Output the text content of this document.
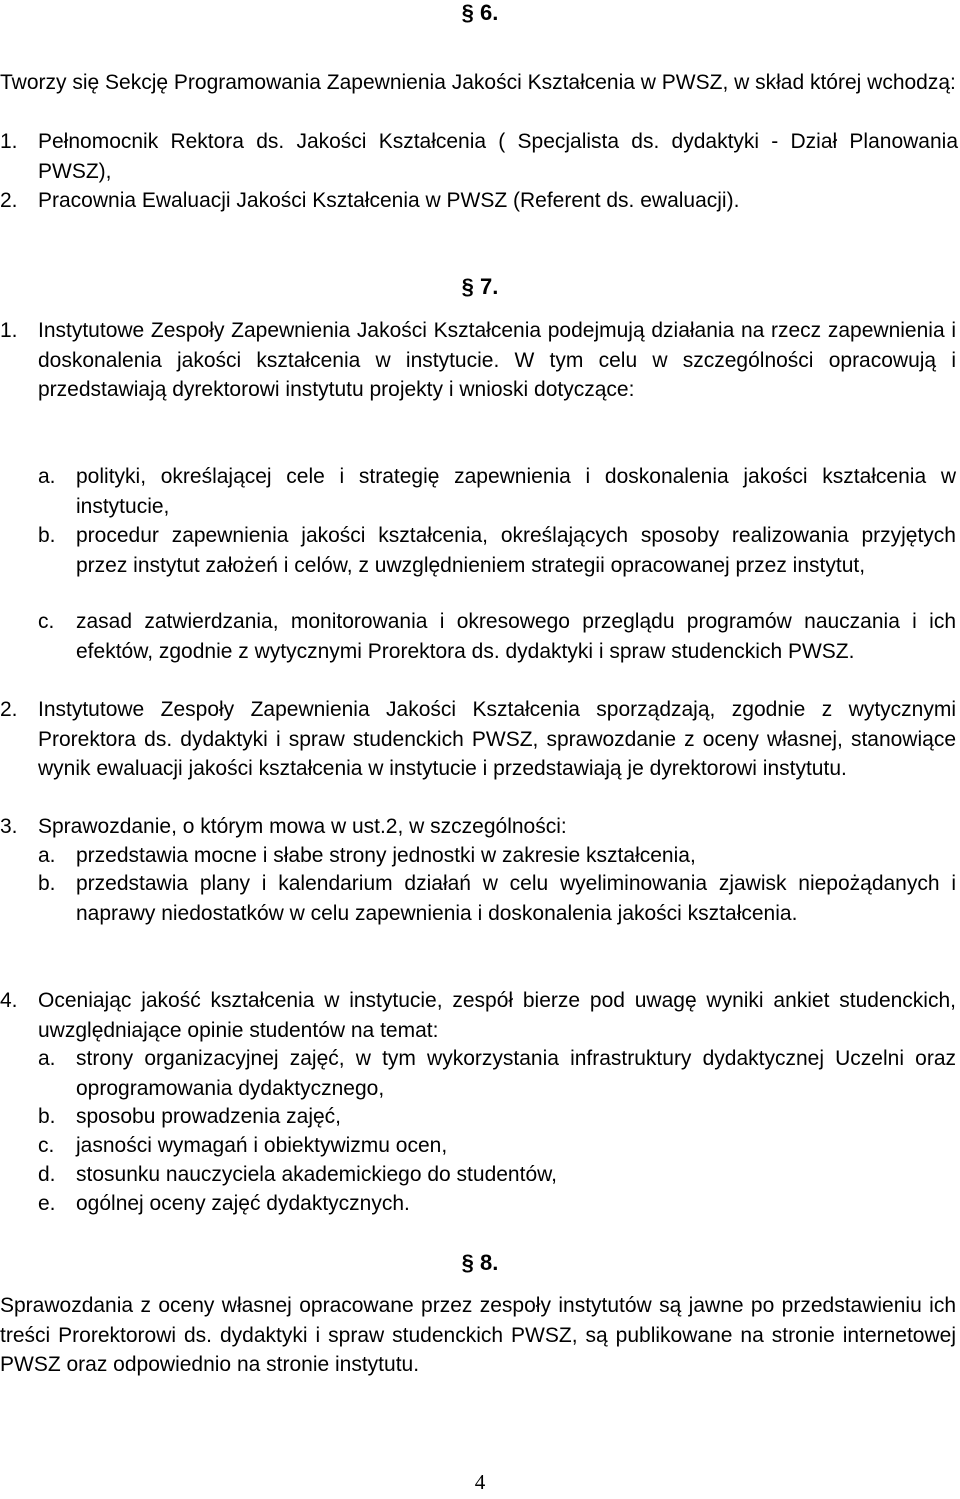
§ 6.

Tworzy się Sekcję Programowania Zapewnienia Jakości Kształcenia w PWSZ, w skład której wchodzą:

1. Pełnomocnik Rektora ds. Jakości Kształcenia ( Specjalista ds. dydaktyki - Dział Planowania PWSZ),
2. Pracownia Ewaluacji Jakości Kształcenia w PWSZ (Referent ds. ewaluacji).
§ 7.
1. Instytutowe Zespoły Zapewnienia Jakości Kształcenia podejmują działania na rzecz zapewnienia i doskonalenia jakości kształcenia w instytucie. W tym celu w szczególności opracowują i przedstawiają dyrektorowi instytutu projekty i wnioski dotyczące:
a. polityki, określającej cele i strategię zapewnienia i doskonalenia jakości kształcenia w instytucie,
b. procedur zapewnienia jakości kształcenia, określających sposoby realizowania przyjętych przez instytut założeń i celów, z uwzględnieniem strategii opracowanej przez instytut,
c.	zasad zatwierdzania, monitorowania i okresowego przeglądu programów nauczania i ich efektów, zgodnie z wytycznymi Prorektora ds. dydaktyki i spraw studenckich PWSZ.
2. Instytutowe Zespoły Zapewnienia Jakości Kształcenia sporządzają, zgodnie z wytycznymi Prorektora ds. dydaktyki i spraw studenckich PWSZ, sprawozdanie z oceny własnej, stanowiące wynik ewaluacji jakości kształcenia w instytucie i przedstawiają je dyrektorowi instytutu.
3. Sprawozdanie, o którym mowa w ust.2, w szczególności:
a. przedstawia mocne i słabe strony jednostki w zakresie kształcenia,
b. przedstawia plany i kalendarium działań w celu wyeliminowania zjawisk niepożądanych i naprawy niedostatków w celu zapewnienia i doskonalenia jakości kształcenia.
4. Oceniając jakość kształcenia w instytucie, zespół bierze pod uwagę wyniki ankiet studenckich, uwzględniające opinie studentów na temat:
a. strony organizacyjnej zajęć, w tym wykorzystania infrastruktury dydaktycznej Uczelni oraz oprogramowania dydaktycznego,
b. sposobu prowadzenia zajęć,
c.	jasności wymagań i obiektywizmu ocen,
d. stosunku nauczyciela akademickiego do studentów,
e. ogólnej oceny zajęć dydaktycznych.
§ 8.

Sprawozdania z oceny własnej opracowane przez zespoły instytutów są jawne po przedstawieniu ich treści Prorektorowi ds. dydaktyki i spraw studenckich PWSZ, są publikowane na stronie internetowej PWSZ oraz odpowiednio na stronie instytutu.

4
